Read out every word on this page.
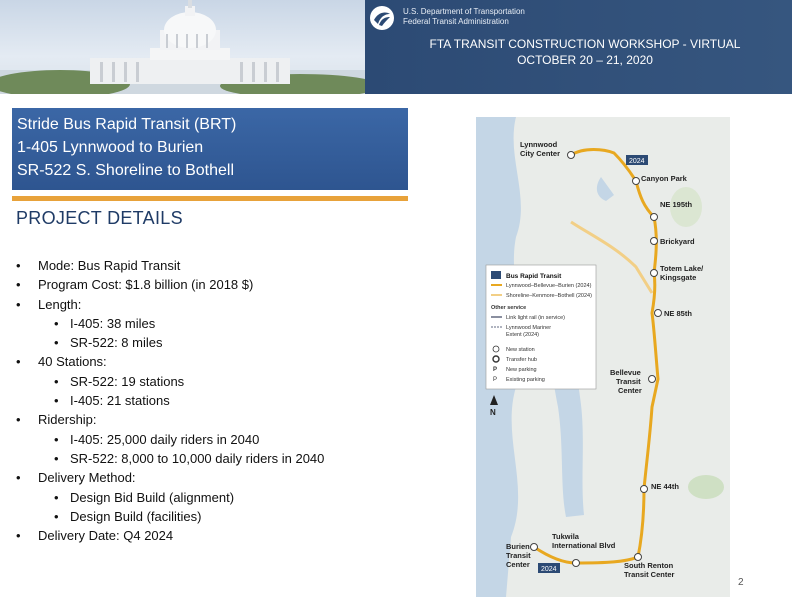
U.S. Department of Transportation
Federal Transit Administration
FTA TRANSIT CONSTRUCTION WORKSHOP - VIRTUAL
OCTOBER 20 – 21, 2020
Stride Bus Rapid Transit (BRT)
1-405 Lynnwood to Burien
SR-522 S. Shoreline to Bothell
PROJECT DETAILS
• Mode: Bus Rapid Transit
• Program Cost: $1.8 billion (in 2018 $)
• Length:
• I-405: 38 miles
• SR-522: 8 miles
• 40 Stations:
• SR-522: 19 stations
• I-405: 21 stations
• Ridership:
• I-405: 25,000 daily riders in 2040
• SR-522: 8,000 to 10,000 daily riders in 2040
• Delivery Method:
• Design Bid Build (alignment)
• Design Build (facilities)
• Delivery Date: Q4 2024
Lynnwood
City Center
Canyon Park
NE 195th
Brickyard
Totem Lake/
Kingsgate
NE 85th
Bellevue
Transit
Center
NE 44th
Tukwila
International Blvd
Burien
Transit
Center	South Renton
Transit Center
2024
2024
Bus Rapid Transit
Lynnwood–Bellevue–Burien (2024)
Shoreline–Kenmore–Bothell (2024)
Other service
Link light rail (in service)
Lynnwood Mariner
Extent (2024)
New station
Transfer hub
P New parking
P Existing parking
N
2
